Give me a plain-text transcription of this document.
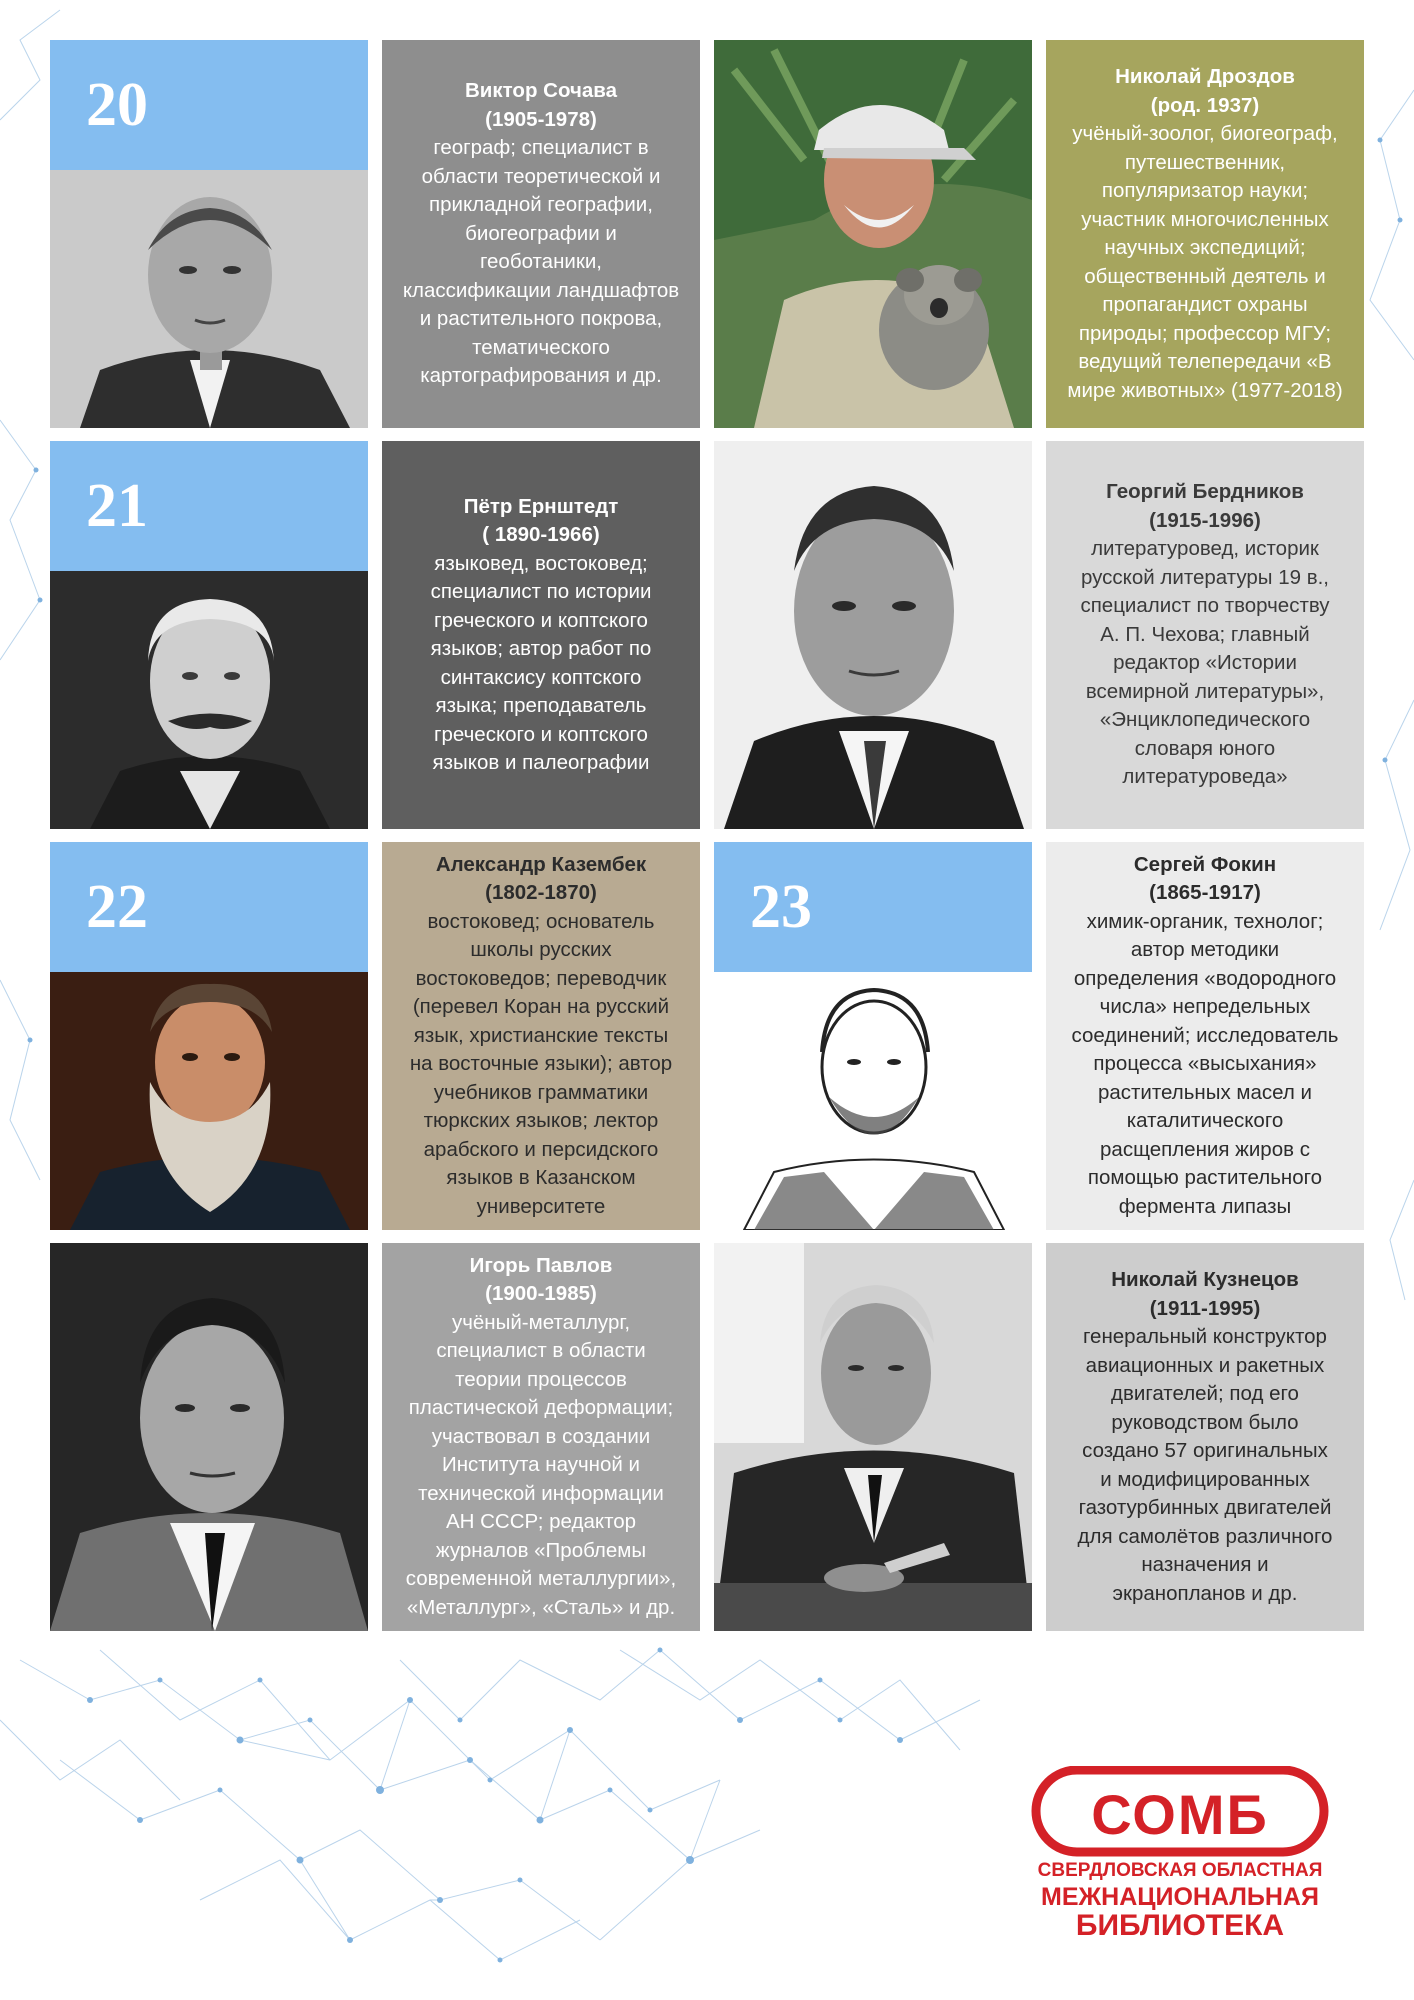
20	Виктор Сочава
(1905-1978)
географ; специалист в
области теоретической и
прикладной географии,
биогеографии и
геоботаники,
классификации ландшафтов
и растительного покрова,
тематического
картографирования и др.
Николай Дроздов
(род. 1937)
учёный-зоолог, биогеограф,
путешественник,
популяризатор науки;
участник многочисленных
научных экспедиций;
общественный деятель и
пропагандист охраны
природы; профессор МГУ;
ведущий телепередачи «В
мире животных» (1977-2018)
21	Пётр Ернштедт
( 1890-1966)
языковед, востоковед;
специалист по истории
греческого и коптского
языков; автор работ по
синтаксису коптского
языка; преподаватель
греческого и коптского
языков и палеографии
Георгий Бердников
(1915-1996)
литературовед, историк
русской литературы 19 в.,
специалист по творчеству
А. П. Чехова; главный
редактор «Истории
всемирной литературы»,
«Энциклопедического
словаря юного
литературоведа»
22
Александр Казембек
(1802-1870)
востоковед; основатель
школы русских
востоковедов; переводчик
(перевел Коран на русский
язык, христианские тексты
на восточные языки); автор
учебников грамматики
тюркских языков; лектор
арабского и персидского
языков в Казанском
университете
23
Сергей Фокин
(1865-1917)
химик-органик, технолог;
автор методики
определения «водородного
числа» непредельных
соединений; исследователь
процесса «высыхания»
растительных масел и
каталитического
расщепления жиров с
помощью растительного
фермента липазы
Игорь Павлов
(1900-1985)
учёный-металлург,
специалист в области
теории процессов
пластической деформации;
участвовал в создании
Института научной и
технической информации
АН СССР; редактор
журналов «Проблемы
современной металлургии»,
«Металлург», «Сталь» и др.
Николай Кузнецов
(1911-1995)
генеральный конструктор
авиационных и ракетных
двигателей; под его
руководством было
создано 57 оригинальных
и модифицированных
газотурбинных двигателей
для самолётов различного
назначения и
экранопланов и др.
СОМБ
СВЕРДЛОВСКАЯ ОБЛАСТНАЯ
МЕЖНАЦИОНАЛЬНАЯ
БИБЛИОТЕКА
